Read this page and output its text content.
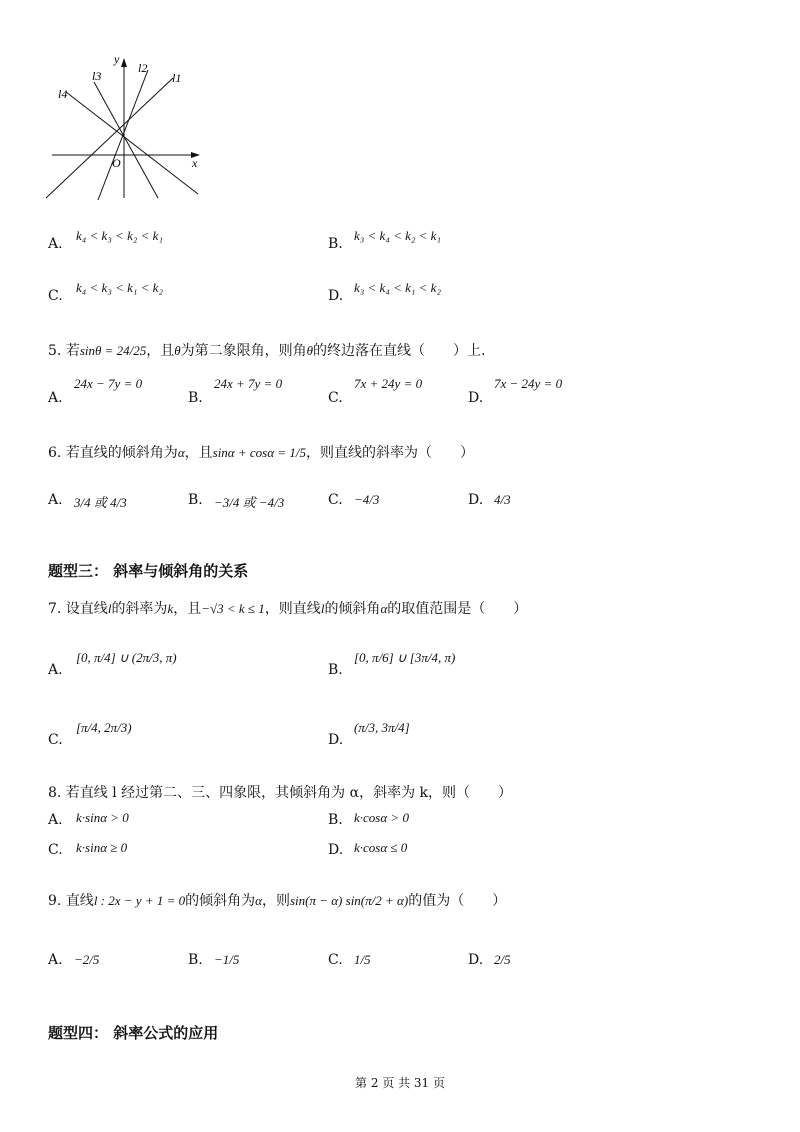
x
y
O
l1
l2
l3
l4
A.
k₄ < k₃ < k₂ < k₁
B.
k₃ < k₄ < k₂ < k₁
C.
k₄ < k₃ < k₁ < k₂
D.
k₃ < k₄ < k₁ < k₂
5. 若sinθ = 24/25，且θ为第二象限角，则角θ的终边落在直线（　　）上.
A.
24x − 7y = 0
B.
24x + 7y = 0
C.
7x + 24y = 0
D.
7x − 24y = 0
6. 若直线的倾斜角为α，且sinα + cosα = 1/5，则直线的斜率为（　　）
A. 3/4 或 4/3	B. −3/4 或 −4/3	C. −4/3	D. 4/3
题型三： 斜率与倾斜角的关系
7. 设直线l的斜率为k，且−√3 < k ≤ 1，则直线l的倾斜角α的取值范围是（　　）
A.
[0, π/4] ∪ (2π/3, π)
B.
[0, π/6] ∪ [3π/4, π)
C.
[π/4, 2π/3)
D.
(π/3, 3π/4]
8. 若直线 l 经过第二、三、四象限，其倾斜角为 α，斜率为 k，则（　　）
A. k·sinα > 0	B. k·cosα > 0
C. k·sinα ≥ 0	D. k·cosα ≤ 0
9. 直线l : 2x − y + 1 = 0的倾斜角为α，则sin(π − α) sin(π/2 + α)的值为（　　）
A. −2/5	B. −1/5	C. 1/5	D. 2/5
题型四： 斜率公式的应用
第 2 页 共 31 页
